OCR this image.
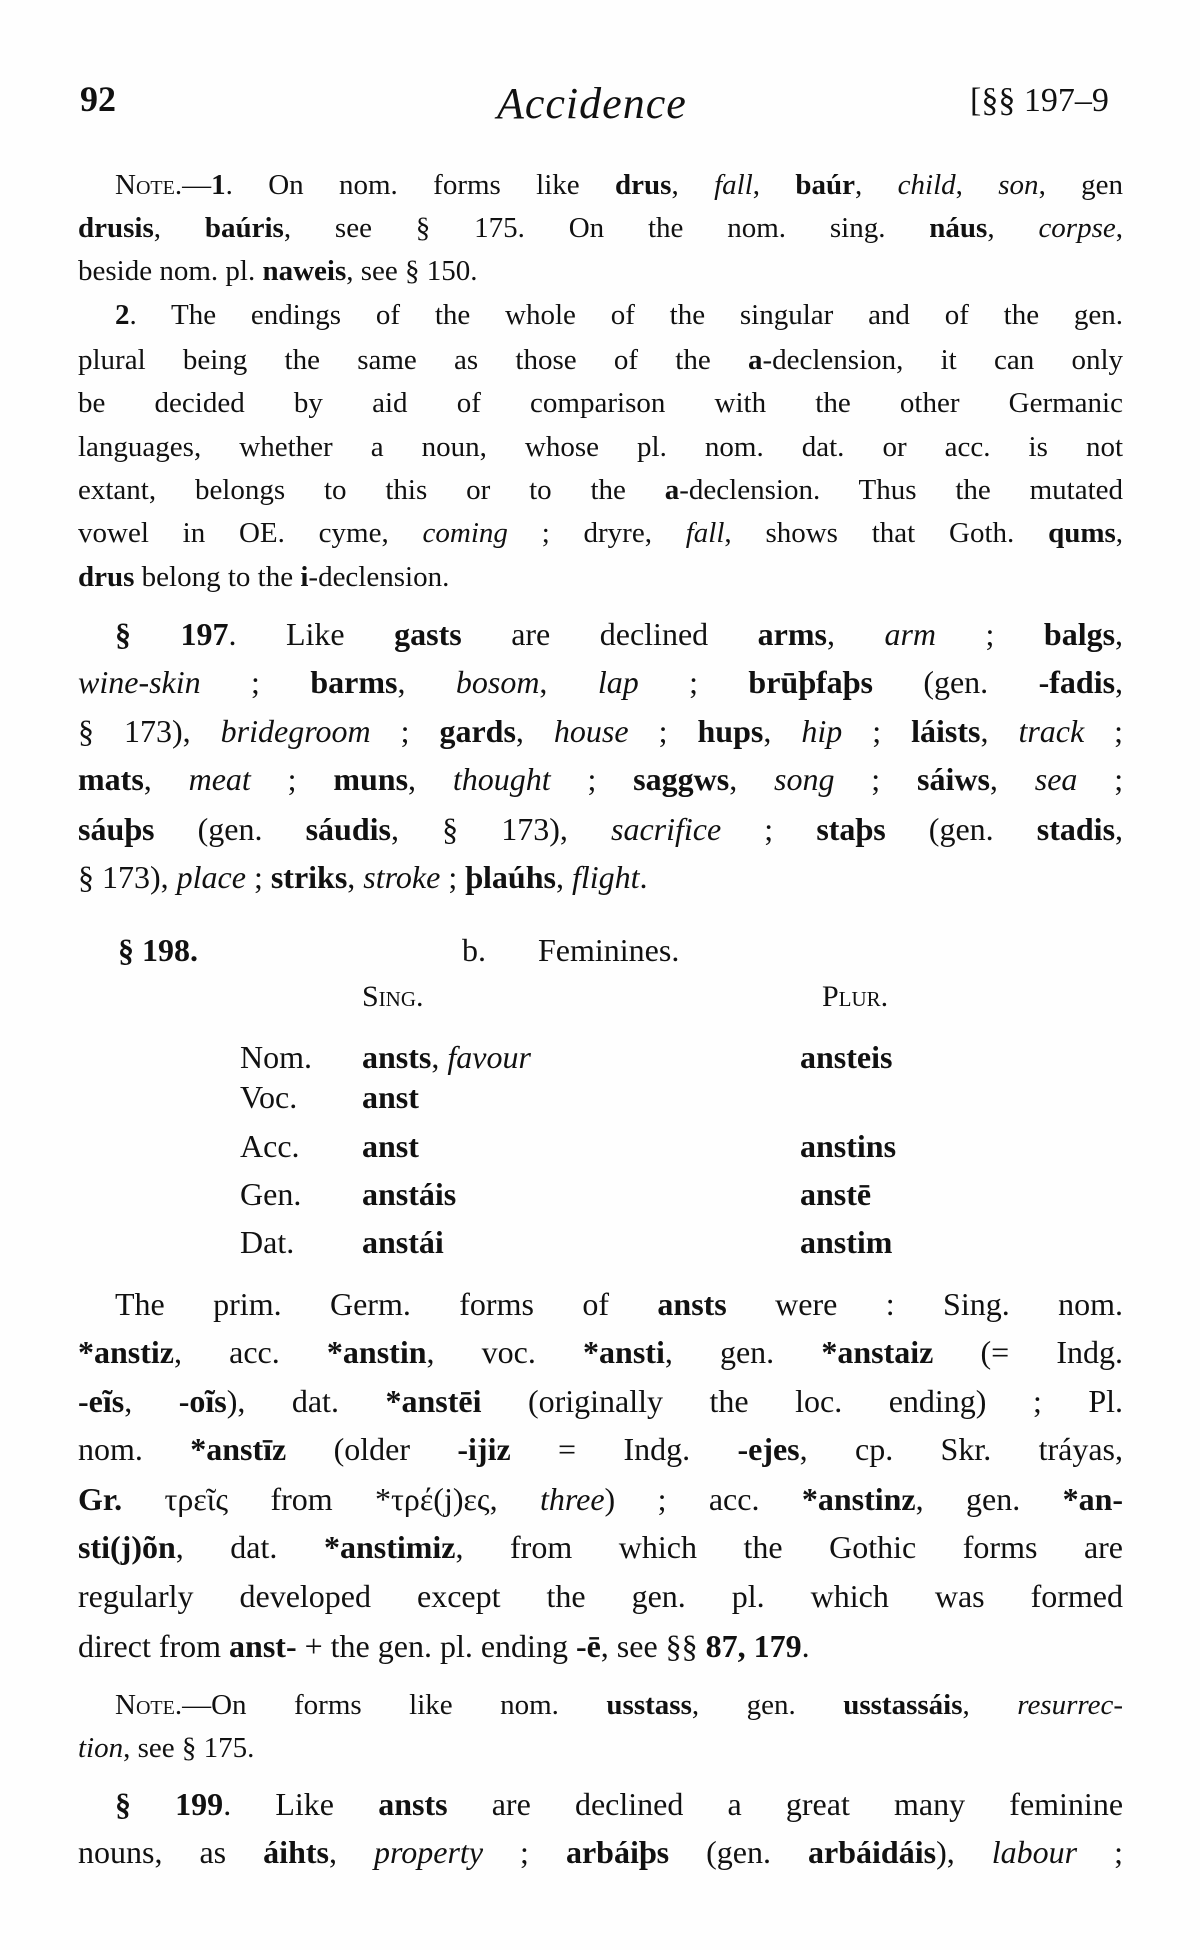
92	Accidence	[§§ 197–9
Note.—1. On nom. forms like drus, fall, baúr, child, son, gen
drusis, baúris, see § 175. On the nom. sing. náus, corpse,
beside nom. pl. naweis, see § 150.
2. The endings of the whole of the singular and of the gen.
plural being the same as those of the a-declension, it can only
be decided by aid of comparison with the other Germanic
languages, whether a noun, whose pl. nom. dat. or acc. is not
extant, belongs to this or to the a-declension. Thus the mutated
vowel in OE. cyme, coming ; dryre, fall, shows that Goth. qums,
drus belong to the i-declension.
§ 197. Like gasts are declined arms, arm ; balgs,
wine-skin ; barms, bosom, lap ; brūþfaþs (gen. -fadis,
§ 173), bridegroom ; gards, house ; hups, hip ; láists, track ;
mats, meat ; muns, thought ; saggws, song ; sáiws, sea ;
sáuþs (gen. sáudis, § 173), sacrifice ; staþs (gen. stadis,
§ 173), place ; striks, stroke ; þlaúhs, flight.
§ 198.	b. Feminines.
Sing.	Plur.
Nom. ansts, favour	ansteis
Voc. anst
Acc. anst	anstins
Gen. anstáis	anstē
Dat. anstái	anstim
The prim. Germ. forms of ansts were : Sing. nom.
*anstiz, acc. *anstin, voc. *ansti, gen. *anstaiz (= Indg.
-eĩs, -oĩs), dat. *anstēi (originally the loc. ending) ; Pl.
nom. *anstīz (older -ijiz = Indg. -ejes, cp. Skr. tráyas,
Gr. τρεῖς from *τρέ(j)ες, three) ; acc. *anstinz, gen. *an-
sti(j)õn, dat. *anstimiz, from which the Gothic forms are
regularly developed except the gen. pl. which was formed
direct from anst- + the gen. pl. ending -ē, see §§ 87, 179.
Note.—On forms like nom. usstass, gen. usstassáis, resurrec-
tion, see § 175.
§ 199. Like ansts are declined a great many feminine
nouns, as áihts, property ; arbáiþs (gen. arbáidáis), labour ;
